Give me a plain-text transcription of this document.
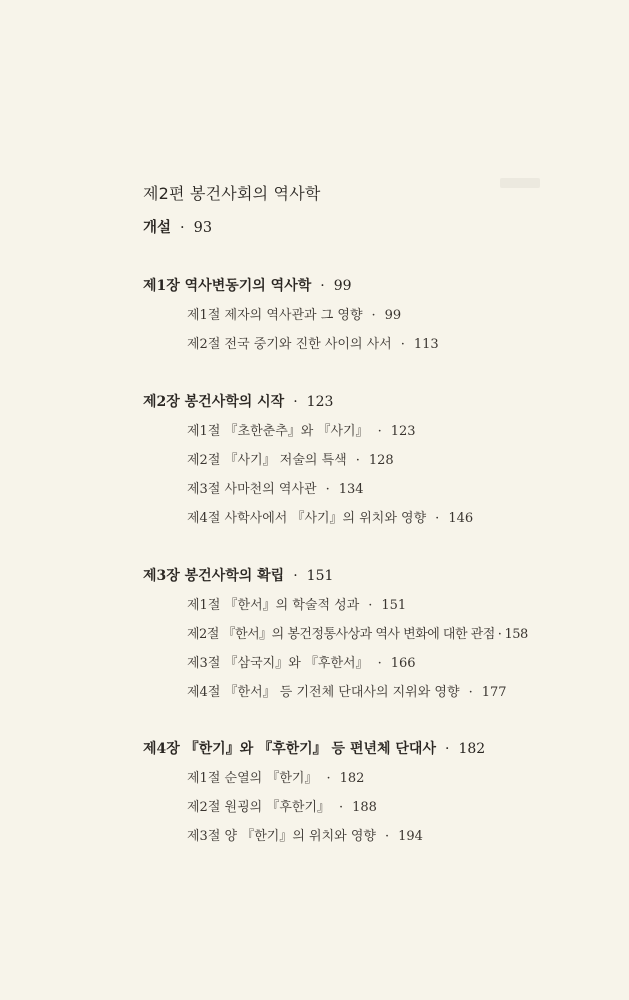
제2편 봉건사회의 역사학
개설 · 93
제1장 역사변동기의 역사학 · 99
제1절 제자의 역사관과 그 영향 · 99
제2절 전국 중기와 진한 사이의 사서 · 113
제2장 봉건사학의 시작 · 123
제1절 『초한춘추』와 『사기』 · 123
제2절 『사기』 저술의 특색 · 128
제3절 사마천의 역사관 · 134
제4절 사학사에서 『사기』의 위치와 영향 · 146
제3장 봉건사학의 확립 · 151
제1절 『한서』의 학술적 성과 · 151
제2절 『한서』의 봉건정통사상과 역사 변화에 대한 관점 · 158
제3절 『삼국지』와 『후한서』 · 166
제4절 『한서』 등 기전체 단대사의 지위와 영향 · 177
제4장 『한기』와 『후한기』 등 편년체 단대사 · 182
제1절 순열의 『한기』 · 182
제2절 원굉의 『후한기』 · 188
제3절 양 『한기』의 위치와 영향 · 194
